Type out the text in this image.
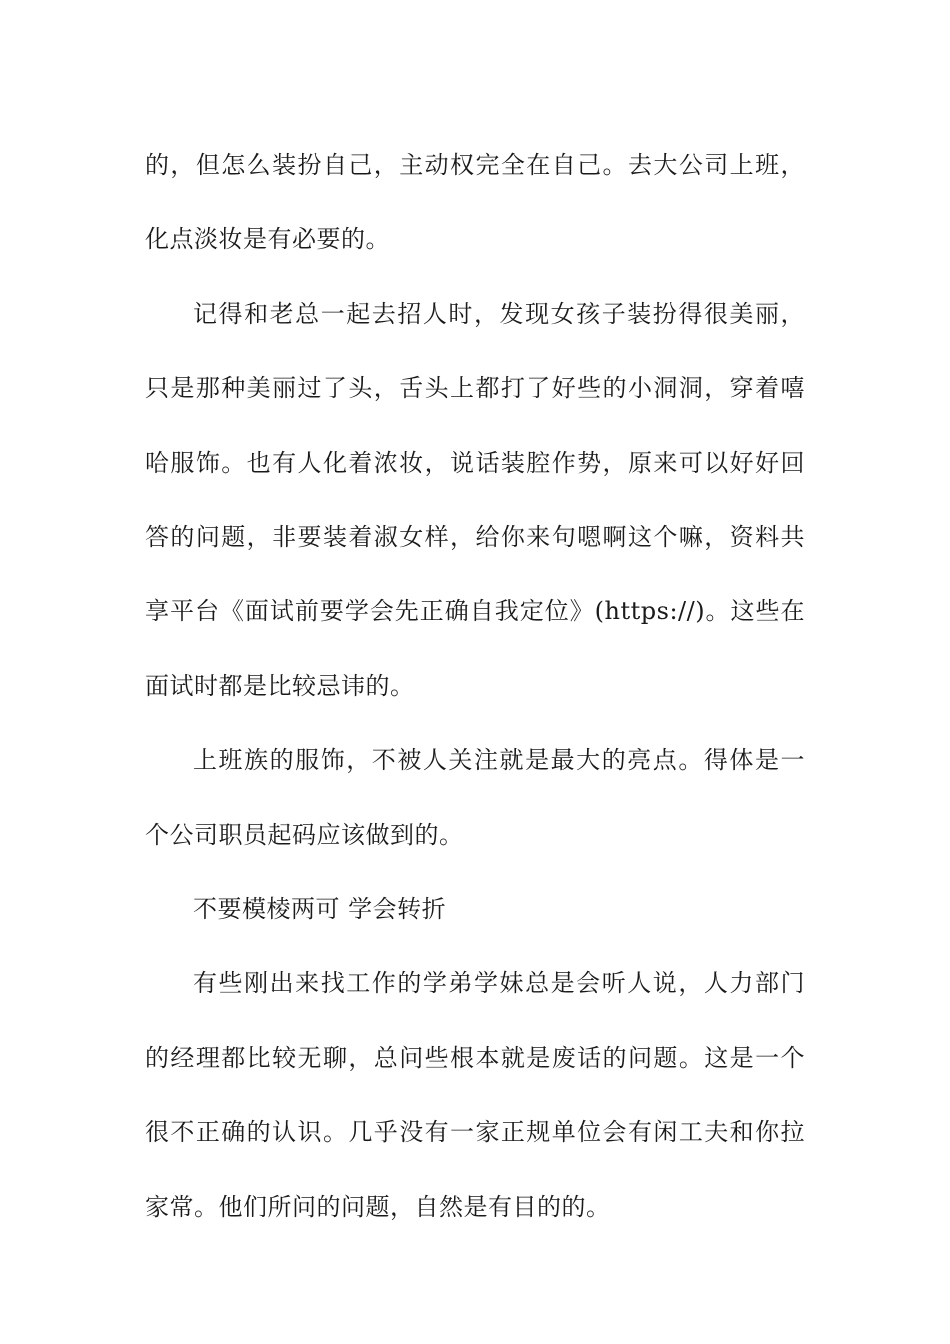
的，但怎么装扮自己，主动权完全在自己。去大公司上班，化点淡妆是有必要的。

记得和老总一起去招人时，发现女孩子装扮得很美丽，只是那种美丽过了头，舌头上都打了好些的小洞洞，穿着嘻哈服饰。也有人化着浓妆，说话装腔作势，原来可以好好回答的问题，非要装着淑女样，给你来句嗯啊这个嘛，资料共享平台《面试前要学会先正确自我定位》(https://)。这些在面试时都是比较忌讳的。

上班族的服饰，不被人关注就是最大的亮点。得体是一个公司职员起码应该做到的。

不要模棱两可 学会转折

有些刚出来找工作的学弟学妹总是会听人说，人力部门的经理都比较无聊，总问些根本就是废话的问题。这是一个很不正确的认识。几乎没有一家正规单位会有闲工夫和你拉家常。他们所问的问题，自然是有目的的。
